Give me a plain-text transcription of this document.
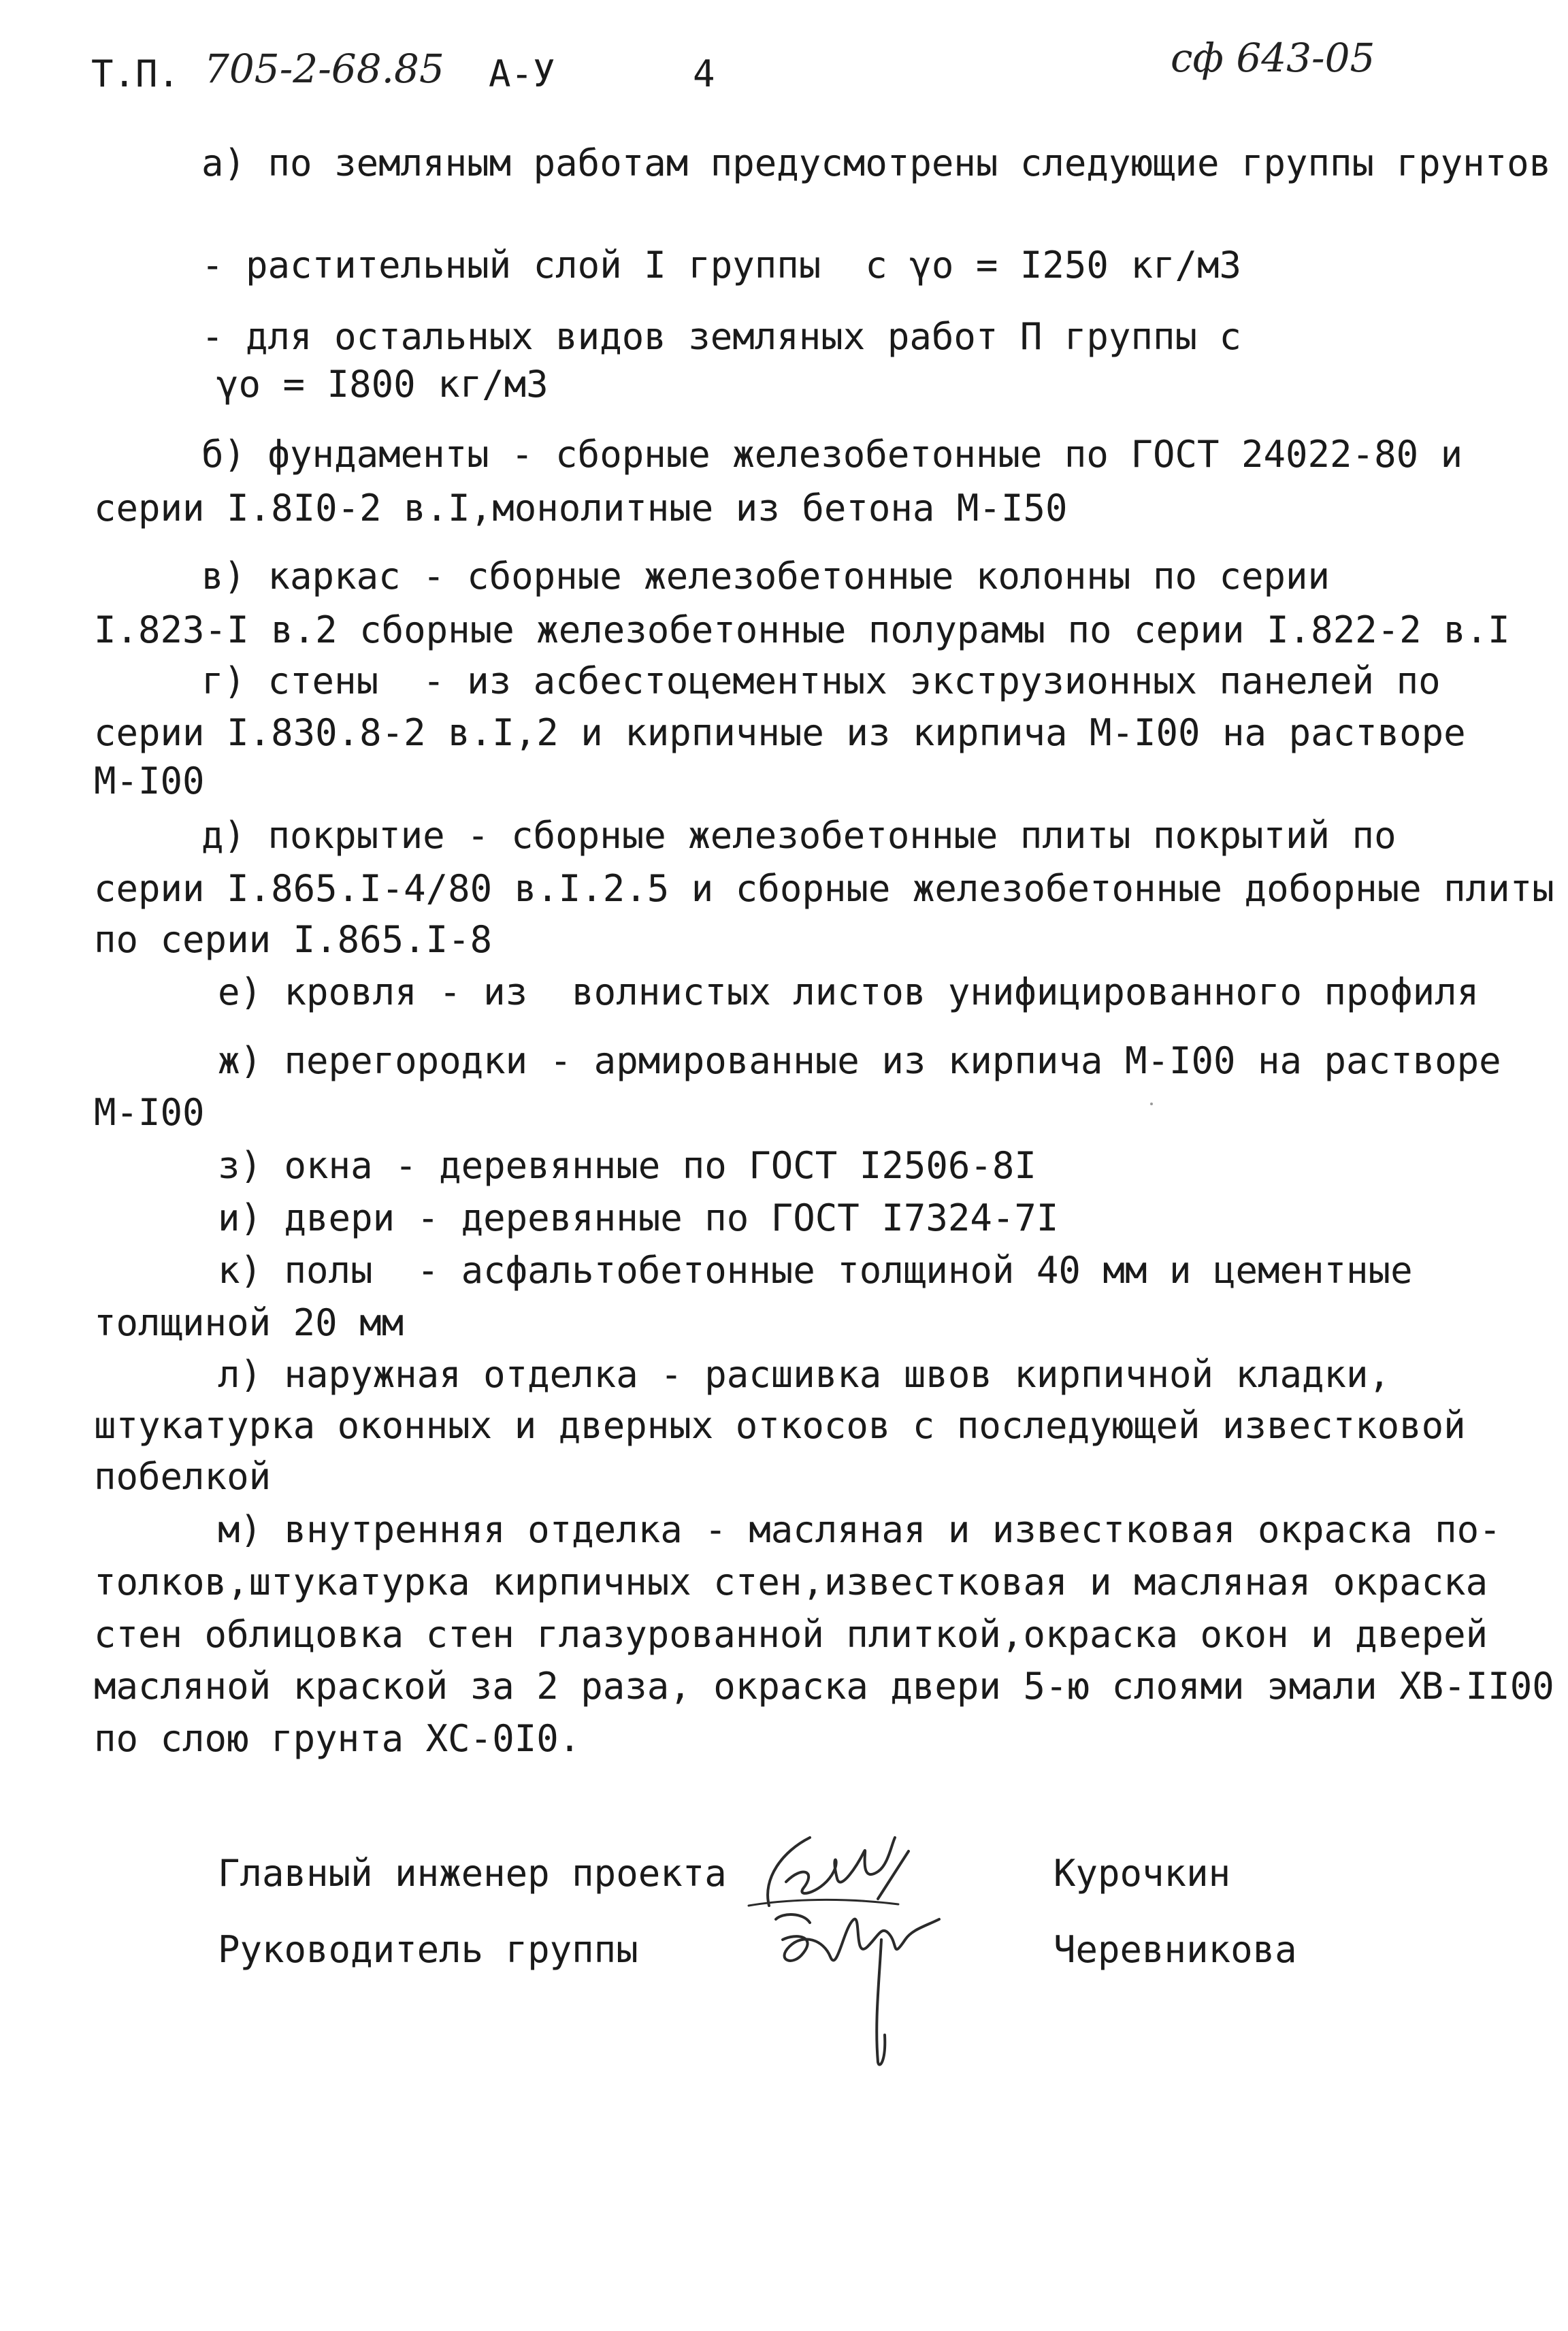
Т.П. 705-2-68.85 А-У	4	сф 643-05
а) по земляным работам предусмотрены следующие группы грунтов
- растительный слой I группы  с γо = I250 кг/м3
- для остальных видов земляных работ П группы с
γо = I800 кг/м3
б) фундаменты - сборные железобетонные по ГОСТ 24022-80 и
серии I.8I0-2 в.I,монолитные из бетона М-I50
в) каркас - сборные железобетонные колонны по серии
I.823-I в.2 сборные железобетонные полурамы по серии I.822-2 в.I
г) стены  - из асбестоцементных экструзионных панелей по
серии I.830.8-2 в.I,2 и кирпичные из кирпича М-I00 на растворе
М-I00
д) покрытие - сборные железобетонные плиты покрытий по
серии I.865.I-4/80 в.I.2.5 и сборные железобетонные доборные плиты
по серии I.865.I-8
е) кровля - из  волнистых листов унифицированного профиля
ж) перегородки - армированные из кирпича М-I00 на растворе
М-I00
з) окна - деревянные по ГОСТ I2506-8I
и) двери - деревянные по ГОСТ I7324-7I
к) полы  - асфальтобетонные толщиной 40 мм и цементные
толщиной 20 мм
л) наружная отделка - расшивка швов кирпичной кладки,
штукатурка оконных и дверных откосов с последующей известковой
побелкой
м) внутренняя отделка - масляная и известковая окраска по-
толков,штукатурка кирпичных стен,известковая и масляная окраска
стен облицовка стен глазурованной плиткой,окраска окон и дверей
масляной краской за 2 раза, окраска двери 5-ю слоями эмали ХВ-II00
по слою грунта ХС-0I0.
Главный инженер проекта	Курочкин
Руководитель группы	Черевникова
